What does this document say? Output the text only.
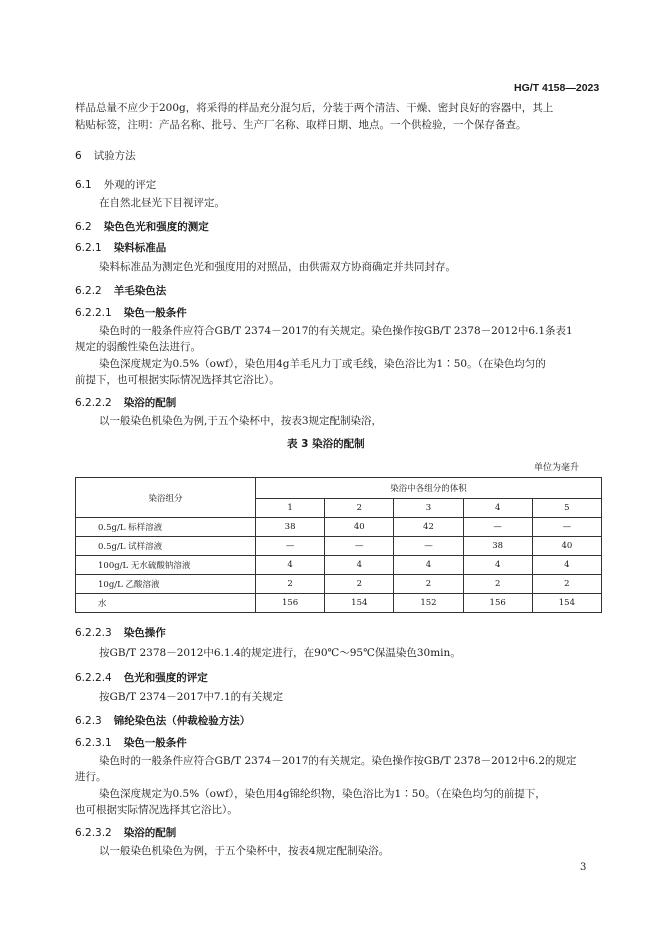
HG/T 4158—2023
样品总量不应少于200g，将采得的样品充分混匀后，分装于两个清洁、干燥、密封良好的容器中，其上
粘贴标签，注明：产品名称、批号、生产厂名称、取样日期、地点。一个供检验，一个保存备查。
6 试验方法
6.1 外观的评定
在自然北昼光下目视评定。
6.2 染色色光和强度的测定
6.2.1 染料标准品
染料标准品为测定色光和强度用的对照品，由供需双方协商确定并共同封存。
6.2.2 羊毛染色法
6.2.2.1 染色一般条件
染色时的一般条件应符合GB/T 2374－2017的有关规定。染色操作按GB/T 2378－2012中6.1条表1
规定的弱酸性染色法进行。
染色深度规定为0.5%（owf），染色用4g羊毛凡力丁或毛线，染色浴比为1∶50。（在染色均匀的
前提下，也可根据实际情况选择其它浴比）。
6.2.2.2 染浴的配制
以一般染色机染色为例,于五个染杯中，按表3规定配制染浴，
表 3 染浴的配制
单位为毫升
染浴组分	染浴中各组分的体积				
	1	2	3	4	5
0.5g/L 标样溶液	38	40	42	—	—
0.5g/L 试样溶液	—	—	—	38	40
100g/L 无水硫酸钠溶液	4	4	4	4	4
10g/L 乙酸溶液	2	2	2	2	2
水	156	154	152	156	154
6.2.2.3 染色操作
按GB/T 2378－2012中6.1.4的规定进行，在90℃～95℃保温染色30min。
6.2.2.4 色光和强度的评定
按GB/T 2374－2017中7.1的有关规定
6.2.3 锦纶染色法（仲裁检验方法）
6.2.3.1 染色一般条件
染色时的一般条件应符合GB/T 2374－2017的有关规定。染色操作按GB/T 2378－2012中6.2的规定
进行。
染色深度规定为0.5%（owf），染色用4g锦纶织物，染色浴比为1∶50。（在染色均匀的前提下，
也可根据实际情况选择其它浴比）。
6.2.3.2 染浴的配制
以一般染色机染色为例，于五个染杯中，按表4规定配制染浴。
3
